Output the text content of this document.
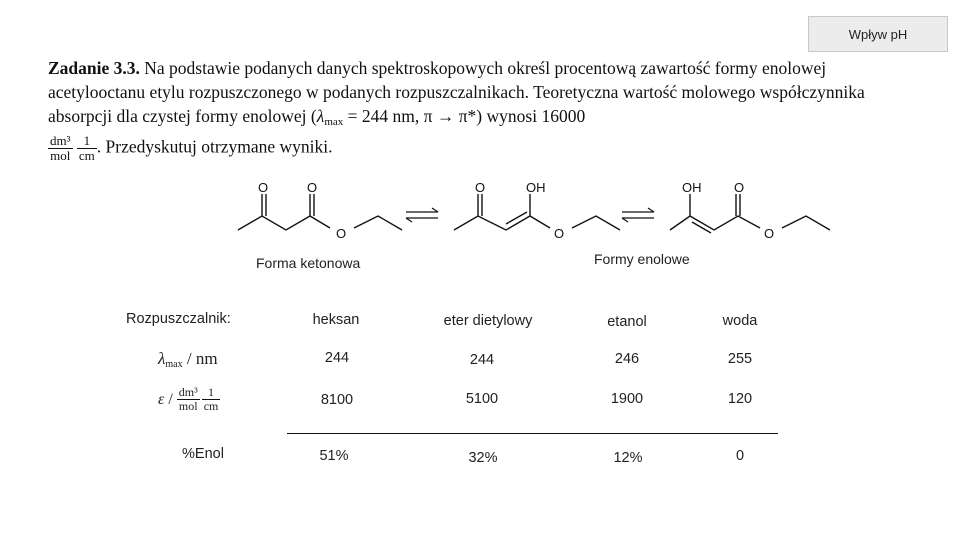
Wpływ pH
Zadanie 3.3. Na podstawie podanych danych spektroskopowych określ procentową zawartość formy enolowej acetylooctanu etylu rozpuszczonego w podanych rozpuszczalnikach. Teoretyczna wartość molowego współczynnika absorpcji dla czystej formy enolowej ($\lambda_{max} = 244$ nm, π → π*) wynosi 16000

$\frac{\text{dm³}}{\text{mol}}$
$\frac{1}{cm}$ . Przedyskutuj otrzymane wyniki.
O	O
O
O	OH
O
OH	O
O
Forma ketonowa	Formy enolowe
Rozpuszczalnik:	heksan	eter dietylowy	etanol	woda
λmax / nm	244	244	246	255
ε / $\frac{\text{dm³}}{\text{mol}} \frac{1}{cm}$	8100	5100	1900	120
%Enol	51%	32%	12%	0
